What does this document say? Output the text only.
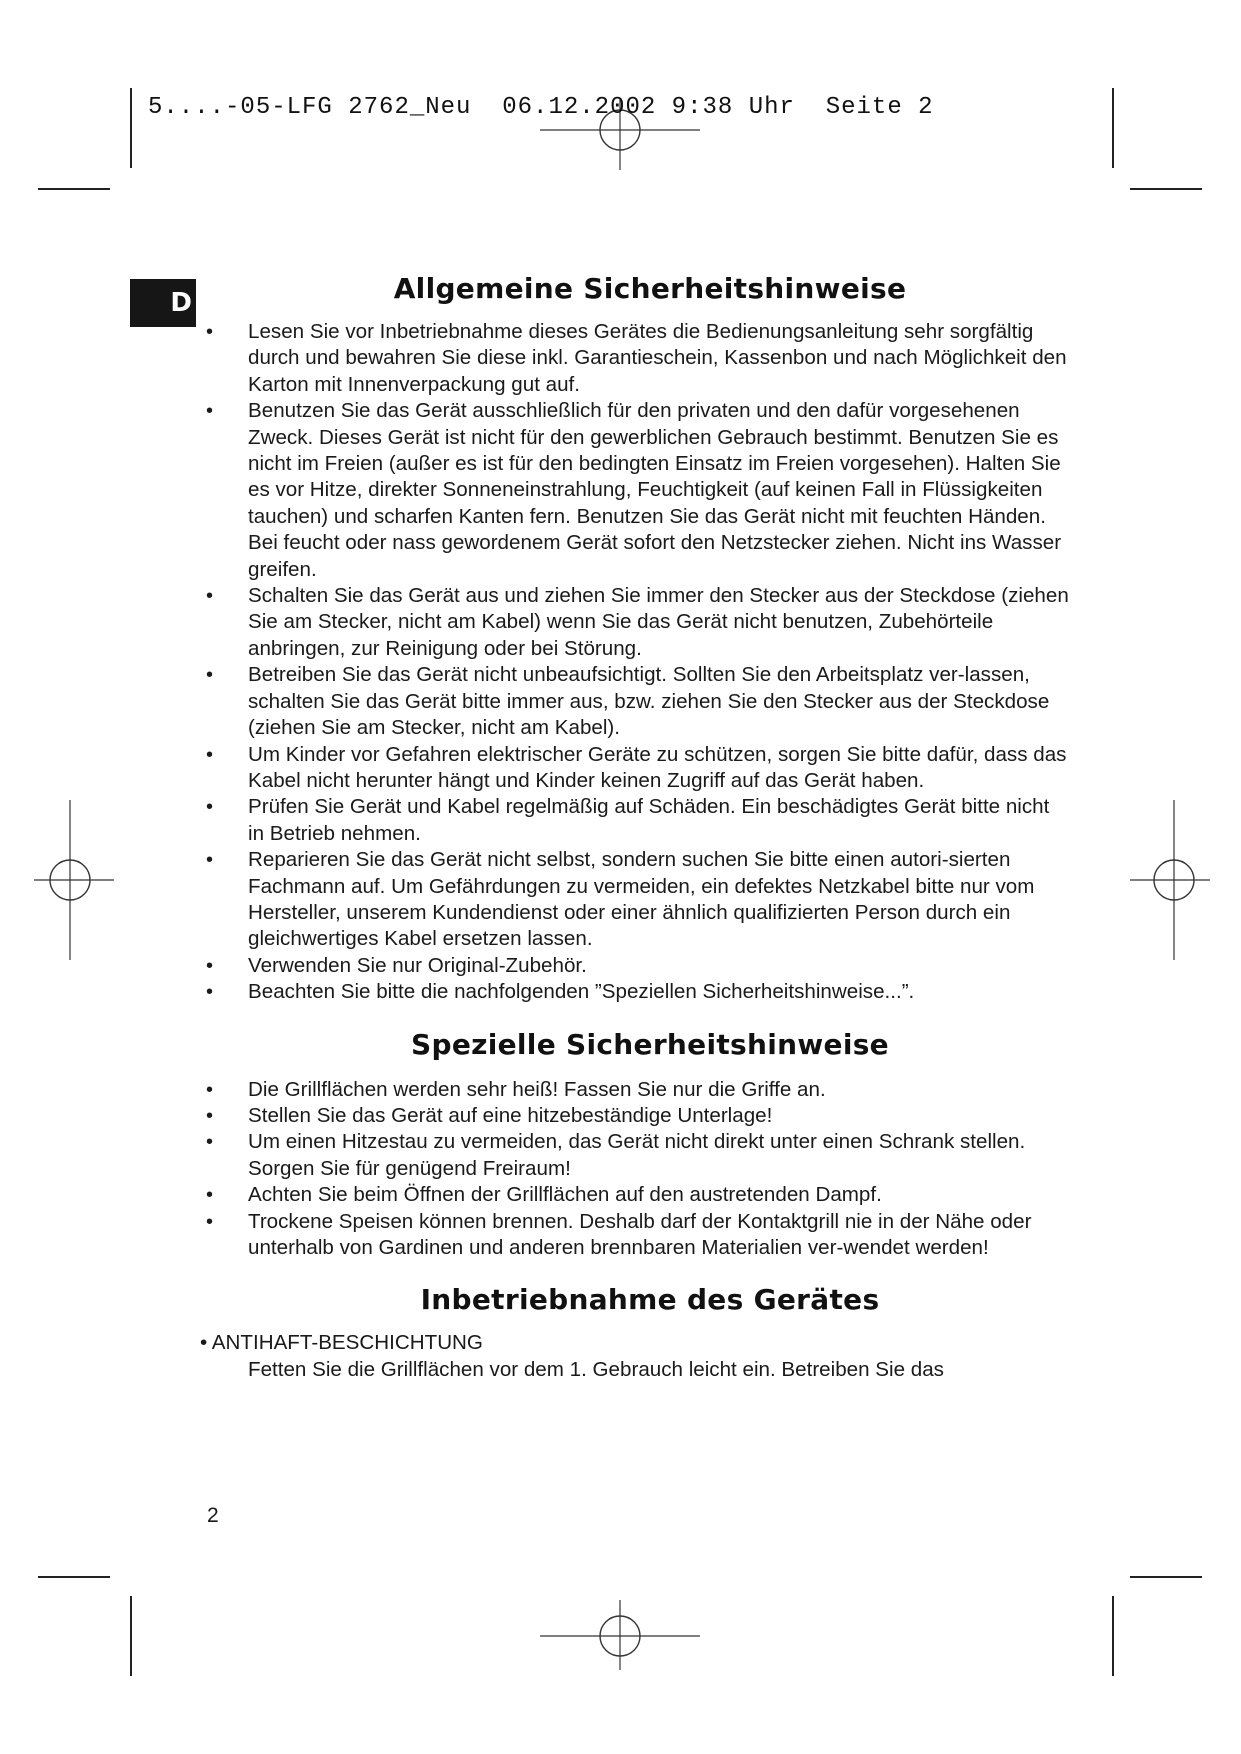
5....-05-LFG 2762_Neu  06.12.2002 9:38 Uhr  Seite 2
D	Allgemeine Sicherheitshinweise
• Lesen Sie vor Inbetriebnahme dieses Gerätes die Bedienungsanleitung sehr sorgfältig durch und bewahren Sie diese inkl. Garantieschein, Kassenbon und nach Möglichkeit den Karton mit Innenverpackung gut auf.
• Benutzen Sie das Gerät ausschließlich für den privaten und den dafür vorgesehenen Zweck. Dieses Gerät ist nicht für den gewerblichen Gebrauch bestimmt. Benutzen Sie es nicht im Freien (außer es ist für den bedingten Einsatz im Freien vorgesehen). Halten Sie es vor Hitze, direkter Sonneneinstrahlung, Feuchtigkeit (auf keinen Fall in Flüssigkeiten tauchen) und scharfen Kanten fern. Benutzen Sie das Gerät nicht mit feuchten Händen. Bei feucht oder nass gewordenem Gerät sofort den Netzstecker ziehen. Nicht ins Wasser greifen.
• Schalten Sie das Gerät aus und ziehen Sie immer den Stecker aus der Steckdose (ziehen Sie am Stecker, nicht am Kabel) wenn Sie das Gerät nicht benutzen, Zubehörteile anbringen, zur Reinigung oder bei Störung.
• Betreiben Sie das Gerät nicht unbeaufsichtigt. Sollten Sie den Arbeitsplatz ver-lassen, schalten Sie das Gerät bitte immer aus, bzw. ziehen Sie den Stecker aus der Steckdose (ziehen Sie am Stecker, nicht am Kabel).
• Um Kinder vor Gefahren elektrischer Geräte zu schützen, sorgen Sie bitte dafür, dass das Kabel nicht herunter hängt und Kinder keinen Zugriff auf das Gerät haben.
• Prüfen Sie Gerät und Kabel regelmäßig auf Schäden. Ein beschädigtes Gerät bitte nicht in Betrieb nehmen.
• Reparieren Sie das Gerät nicht selbst, sondern suchen Sie bitte einen autori-sierten Fachmann auf. Um Gefährdungen zu vermeiden, ein defektes Netzkabel bitte nur vom Hersteller, unserem Kundendienst oder einer ähnlich qualifizierten Person durch ein gleichwertiges Kabel ersetzen lassen.
• Verwenden Sie nur Original-Zubehör.
• Beachten Sie bitte die nachfolgenden ”Speziellen Sicherheitshinweise...”.
Spezielle Sicherheitshinweise
• Die Grillflächen werden sehr heiß! Fassen Sie nur die Griffe an.
• Stellen Sie das Gerät auf eine hitzebeständige Unterlage!
• Um einen Hitzestau zu vermeiden, das Gerät nicht direkt unter einen Schrank stellen. Sorgen Sie für genügend Freiraum!
• Achten Sie beim Öffnen der Grillflächen auf den austretenden Dampf.
• Trockene Speisen können brennen. Deshalb darf der Kontaktgrill nie in der Nähe oder unterhalb von Gardinen und anderen brennbaren Materialien ver-wendet werden!
Inbetriebnahme des Gerätes
• ANTIHAFT-BESCHICHTUNG
Fetten Sie die Grillflächen vor dem 1. Gebrauch leicht ein. Betreiben Sie das
2
